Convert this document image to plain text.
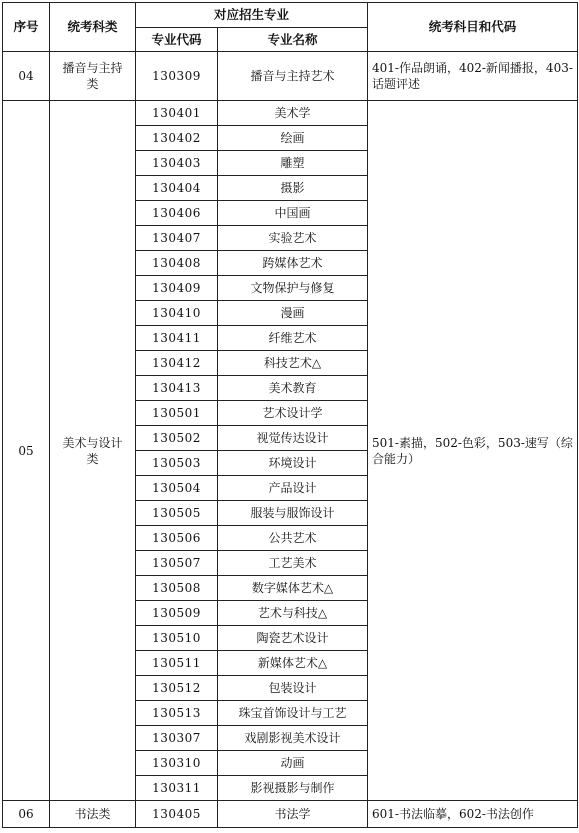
序号	统考科类	对应招生专业		统考科目和代码
		专业代码	专业名称	
04	播音与主持类	130309	播音与主持艺术	401-作品朗诵，402-新闻播报，403-话题评述
05	美术与设计类	130401	美术学	501-素描，502-色彩，503-速写（综合能力）
		130402	绘画	
		130403	雕塑	
		130404	摄影	
		130406	中国画	
		130407	实验艺术	
		130408	跨媒体艺术	
		130409	文物保护与修复	
		130410	漫画	
		130411	纤维艺术	
		130412	科技艺术△	
		130413	美术教育	
		130501	艺术设计学	
		130502	视觉传达设计	
		130503	环境设计	
		130504	产品设计	
		130505	服装与服饰设计	
		130506	公共艺术	
		130507	工艺美术	
		130508	数字媒体艺术△	
		130509	艺术与科技△	
		130510	陶瓷艺术设计	
		130511	新媒体艺术△	
		130512	包装设计	
		130513	珠宝首饰设计与工艺	
		130307	戏剧影视美术设计	
		130310	动画	
		130311	影视摄影与制作	
06	书法类	130405	书法学	601-书法临摹，602-书法创作
